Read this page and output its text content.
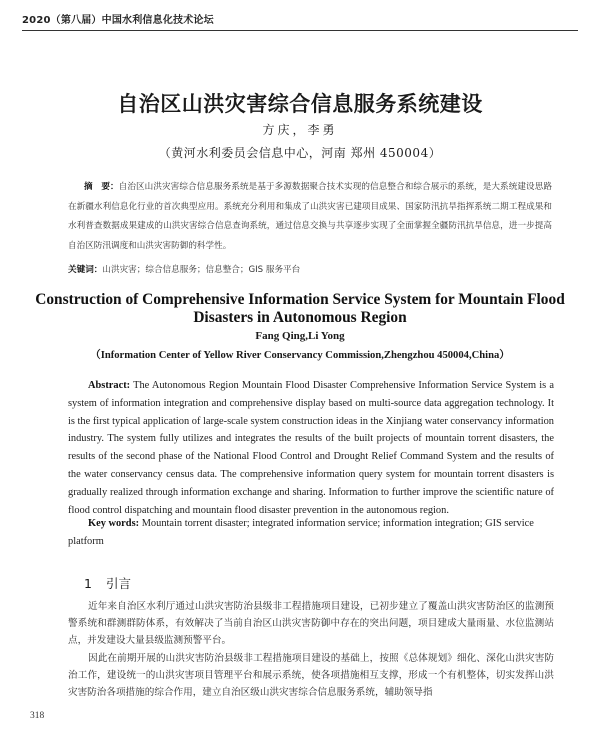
2020（第八届）中国水利信息化技术论坛
自治区山洪灾害综合信息服务系统建设
方庆，李勇
（黄河水利委员会信息中心，河南 郑州 450004）
摘　要：自治区山洪灾害综合信息服务系统是基于多源数据聚合技术实现的信息整合和综合展示的系统，是大系统建设思路在新疆水利信息化行业的首次典型应用。系统充分利用和集成了山洪灾害已建项目成果、国家防汛抗旱指挥系统二期工程成果和水利普查数据成果建成的山洪灾害综合信息查询系统，通过信息交换与共享逐步实现了全面掌握全疆防汛抗旱信息，进一步提高自治区防汛调度和山洪灾害防御的科学性。
关键词：山洪灾害；综合信息服务；信息整合；GIS 服务平台
Construction of Comprehensive Information Service System for Mountain Flood Disasters in Autonomous Region
Fang Qing,Li Yong
（Information Center of Yellow River Conservancy Commission,Zhengzhou 450004,China）
Abstract: The Autonomous Region Mountain Flood Disaster Comprehensive Information Service System is a system of information integration and comprehensive display based on multi-source data aggregation technology. It is the first typical application of large-scale system construction ideas in the Xinjiang water conservancy information industry. The system fully utilizes and integrates the results of the built projects of mountain torrent disasters, the results of the second phase of the National Flood Control and Drought Relief Command System and the results of the water conservancy census data. The comprehensive information query system for mountain torrent disasters is gradually realized through information exchange and sharing. Information to further improve the scientific nature of flood control dispatching and mountain flood disaster prevention in the autonomous region.
Key words: Mountain torrent disaster; integrated information service; information integration; GIS service platform
1 引言
近年来自治区水利厅通过山洪灾害防治县级非工程措施项目建设，已初步建立了覆盖山洪灾害防治区的监测预警系统和群测群防体系，有效解决了当前自治区山洪灾害防御中存在的突出问题，项目建成大量雨量、水位监测站点，并发建设大量县级监测预警平台。
因此在前期开展的山洪灾害防治县级非工程措施项目建设的基础上，按照《总体规划》细化、深化山洪灾害防治工作，建设统一的山洪灾害项目管理平台和展示系统，使各项措施相互支撑，形成一个有机整体，切实发挥山洪灾害防治各项措施的综合作用，建立自治区级山洪灾害综合信息服务系统，辅助领导指
318
